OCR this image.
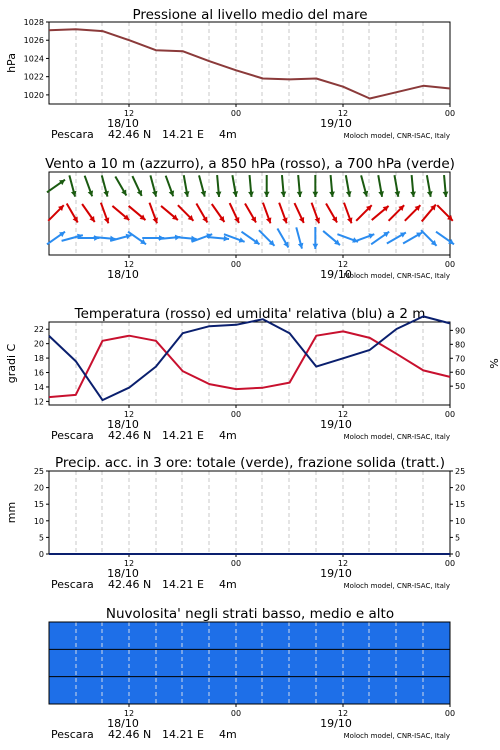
Pressione al livello medio del mare
12	00	12	00
18/10	19/10
Pescara 42.46 N 14.21 E 4m	Moloch model, CNR-ISAC, Italy
1020
1022
1024
1026
1028
hPa
Vento a 10 m (azzurro), a 850 hPa (rosso), a 700 hPa (verde)
12	00	12	00
18/10	19/10
Moloch model, CNR-ISAC, Italy
Temperatura (rosso) ed umidita' relativa (blu) a 2 m
12	00	12	00
18/10	19/10
Pescara 42.46 N 14.21 E 4m	Moloch model, CNR-ISAC, Italy
12
14
16
18
20
22
50
60
70
80
90
gradi C	%
Precip. acc. in 3 ore: totale (verde), frazione solida (tratt.)
12	00	12	00
18/10	19/10
Pescara 42.46 N 14.21 E 4m	Moloch model, CNR-ISAC, Italy
0
5
10
15
20
25
0
5
10
15
20
25
mm
Nuvolosita' negli strati basso, medio e alto
12	00	12	00
18/10	19/10
Pescara 42.46 N 14.21 E 4m	Moloch model, CNR-ISAC, Italy
